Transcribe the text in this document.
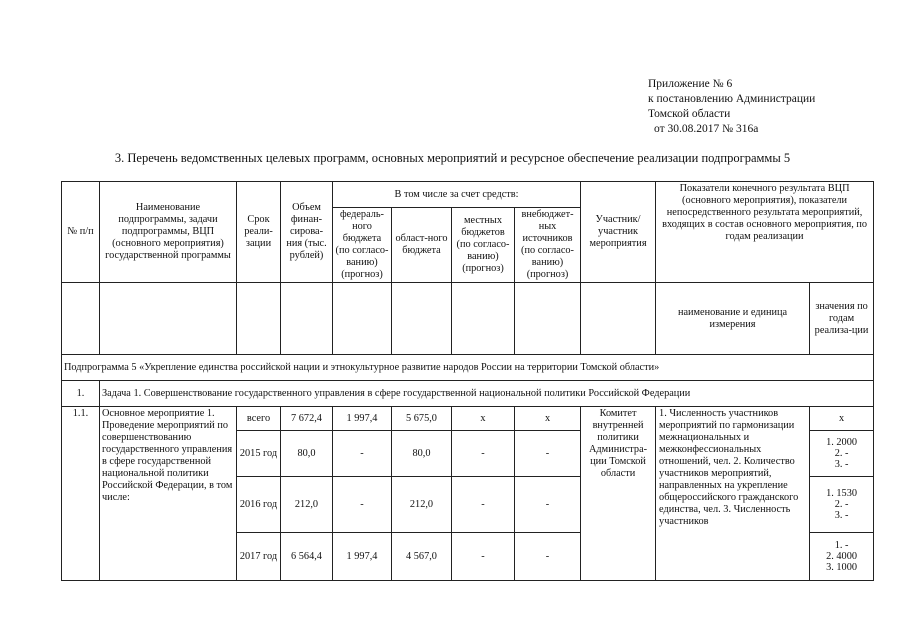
Приложение № 6
к постановлению Администрации
Томской области
от 30.08.2017 № 316а
3. Перечень ведомственных целевых программ, основных мероприятий и ресурсное обеспечение реализации подпрограммы 5
№ п/п	Наименование подпрограммы, задачи подпрограммы, ВЦП (основного мероприятия) государственной программы	Срок реали-зации	Объем финан-сирова-ния (тыс. рублей)	В том числе за счет средств:				Участник/ участник мероприятия	Показатели конечного результата ВЦП (основного мероприятия), показатели непосредственного результата мероприятий, входящих в состав основного мероприятия, по годам реализации	
				федераль-ного бюджета (по согласо-ванию) (прогноз)	област-ного бюджета	местных бюджетов (по согласо-ванию) (прогноз)	внебюджет-ных источников (по согласо-ванию) (прогноз)			
									наименование и единица измерения	значения по годам реализа-ции
Подпрограмма 5 «Укрепление единства российской нации и этнокультурное развитие народов России на территории Томской области»										
1.	Задача 1. Совершенствование государственного управления в сфере государственной национальной политики Российской Федерации									
1.1.	Основное мероприятие 1. Проведение мероприятий по совершенствованию государственного управления в сфере государственной национальной политики Российской Федерации, в том числе:	всего	7 672,4	1 997,4	5 675,0	х	х	Комитет внутренней политики Администра-ции Томской области	1. Численность участников мероприятий по гармонизации межнациональных и межконфессиональных отношений, чел. 2. Количество участников мероприятий, направленных на укрепление общероссийского гражданского единства, чел. 3. Численность участников	х

		2015 год	80,0	-	80,0	-	-			1. 2000
2. -
3. -

		2016 год	212,0	-	212,0	-	-			1. 1530
2. -
3. -

		2017 год	6 564,4	1 997,4	4 567,0	-	-			1. -
2. 4000
3. 1000
